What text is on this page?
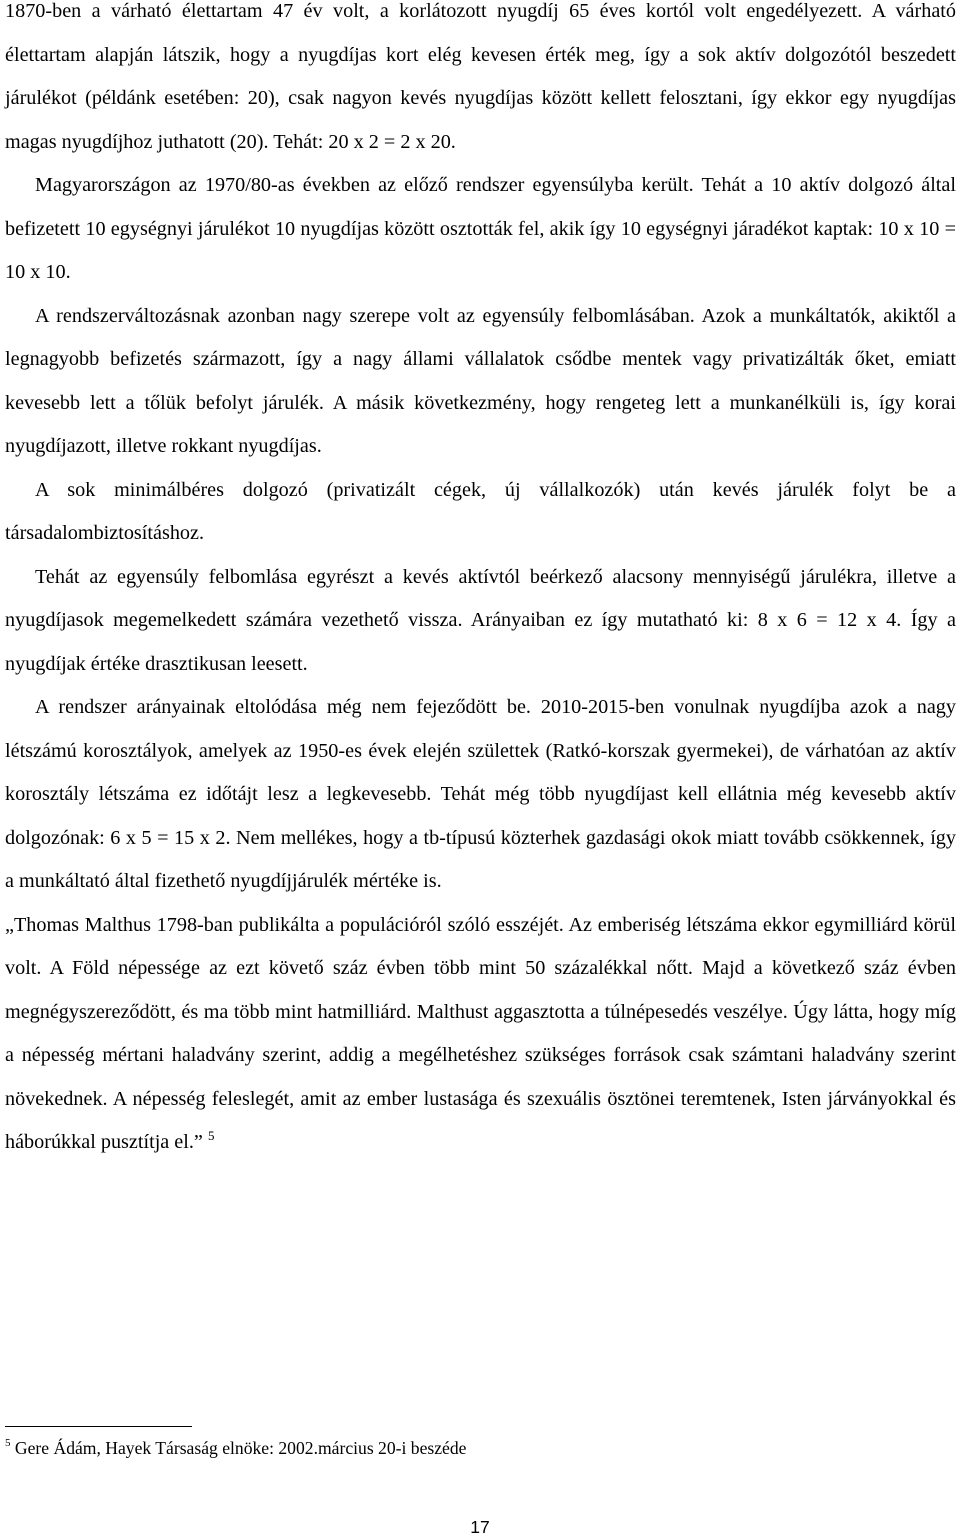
1870-ben a várható élettartam 47 év volt, a korlátozott nyugdíj 65 éves kortól volt engedélyezett. A várható élettartam alapján látszik, hogy a nyugdíjas kort elég kevesen érték meg, így a sok aktív dolgozótól beszedett járulékot (példánk esetében: 20), csak nagyon kevés nyugdíjas között kellett felosztani, így ekkor egy nyugdíjas magas nyugdíjhoz juthatott (20). Tehát: 20 x 2 = 2 x 20.

Magyarországon az 1970/80-as években az előző rendszer egyensúlyba került. Tehát a 10 aktív dolgozó által befizetett 10 egységnyi járulékot 10 nyugdíjas között osztották fel, akik így 10 egységnyi járadékot kaptak: 10 x 10 = 10 x 10.

A rendszerváltozásnak azonban nagy szerepe volt az egyensúly felbomlásában. Azok a munkáltatók, akiktől a legnagyobb befizetés származott, így a nagy állami vállalatok csődbe mentek vagy privatizálták őket, emiatt kevesebb lett a tőlük befolyt járulék. A másik következmény, hogy rengeteg lett a munkanélküli is, így korai nyugdíjazott, illetve rokkant nyugdíjas.

A sok minimálbéres dolgozó (privatizált cégek, új vállalkozók) után kevés járulék folyt be a társadalombiztosításhoz.

Tehát az egyensúly felbomlása egyrészt a kevés aktívtól beérkező alacsony mennyiségű járulékra, illetve a nyugdíjasok megemelkedett számára vezethető vissza. Arányaiban ez így mutatható ki: 8 x 6 = 12 x 4. Így a nyugdíjak értéke drasztikusan leesett.

A rendszer arányainak eltolódása még nem fejeződött be. 2010-2015-ben vonulnak nyugdíjba azok a nagy létszámú korosztályok, amelyek az 1950-es évek elején születtek (Ratkó-korszak gyermekei), de várhatóan az aktív korosztály létszáma ez időtájt lesz a legkevesebb. Tehát még több nyugdíjast kell ellátnia még kevesebb aktív dolgozónak: 6 x 5 = 15 x 2. Nem mellékes, hogy a tb-típusú közterhek gazdasági okok miatt tovább csökkennek, így a munkáltató által fizethető nyugdíjjárulék mértéke is.

„Thomas Malthus 1798-ban publikálta a populációról szóló esszéjét. Az emberiség létszáma ekkor egymilliárd körül volt. A Föld népessége az ezt követő száz évben több mint 50 százalékkal nőtt. Majd a következő száz évben megnégyszereződött, és ma több mint hatmilliárd. Malthust aggasztotta a túlnépesedés veszélye. Úgy látta, hogy míg a népesség mértani haladvány szerint, addig a megélhetéshez szükséges források csak számtani haladvány szerint növekednek. A népesség feleslegét, amit az ember lustasága és szexuális ösztönei teremtenek, Isten járványokkal és háborúkkal pusztítja el.” $^5$

$^5$ Gere Ádám, Hayek Társaság elnöke: 2002.március 20-i beszéde
17
